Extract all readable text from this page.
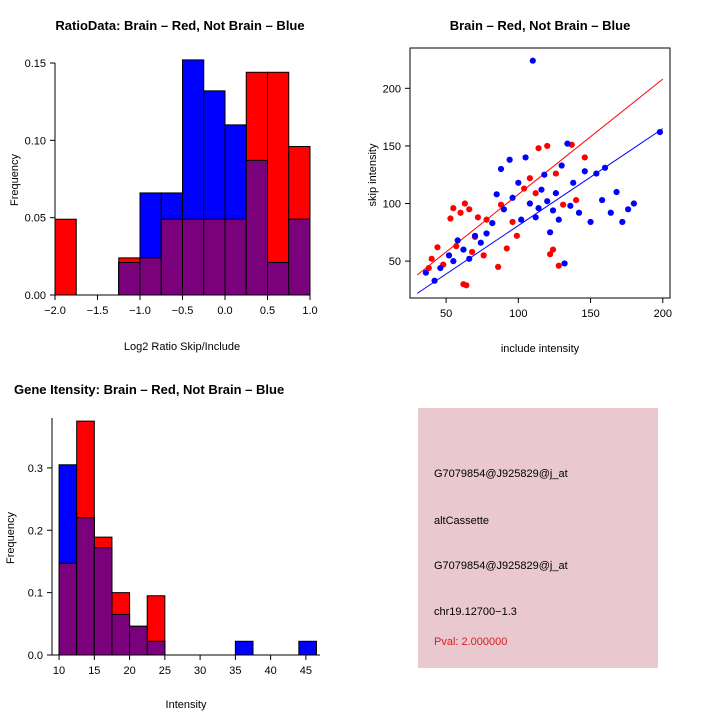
RatioData: Brain – Red, Not Brain – Blue
−2.0 −1.5 −1.0 −0.5 0.0 0.5 1.0
0.00
0.05
0.10
0.15
Log2 Ratio Skip/Include
Frequency
Brain – Red, Not Brain – Blue
50	100	150	200
50
100
150
200
include intensity
skip intensity
Gene Itensity: Brain – Red, Not Brain – Blue
10 15 20 25 30 35 40 45
0.0
0.1
0.2
0.3
Intensity
Frequency
G7079854@J925829@j_at
altCassette
G7079854@J925829@j_at
chr19.12700−1.3
Pval: 2.000000
